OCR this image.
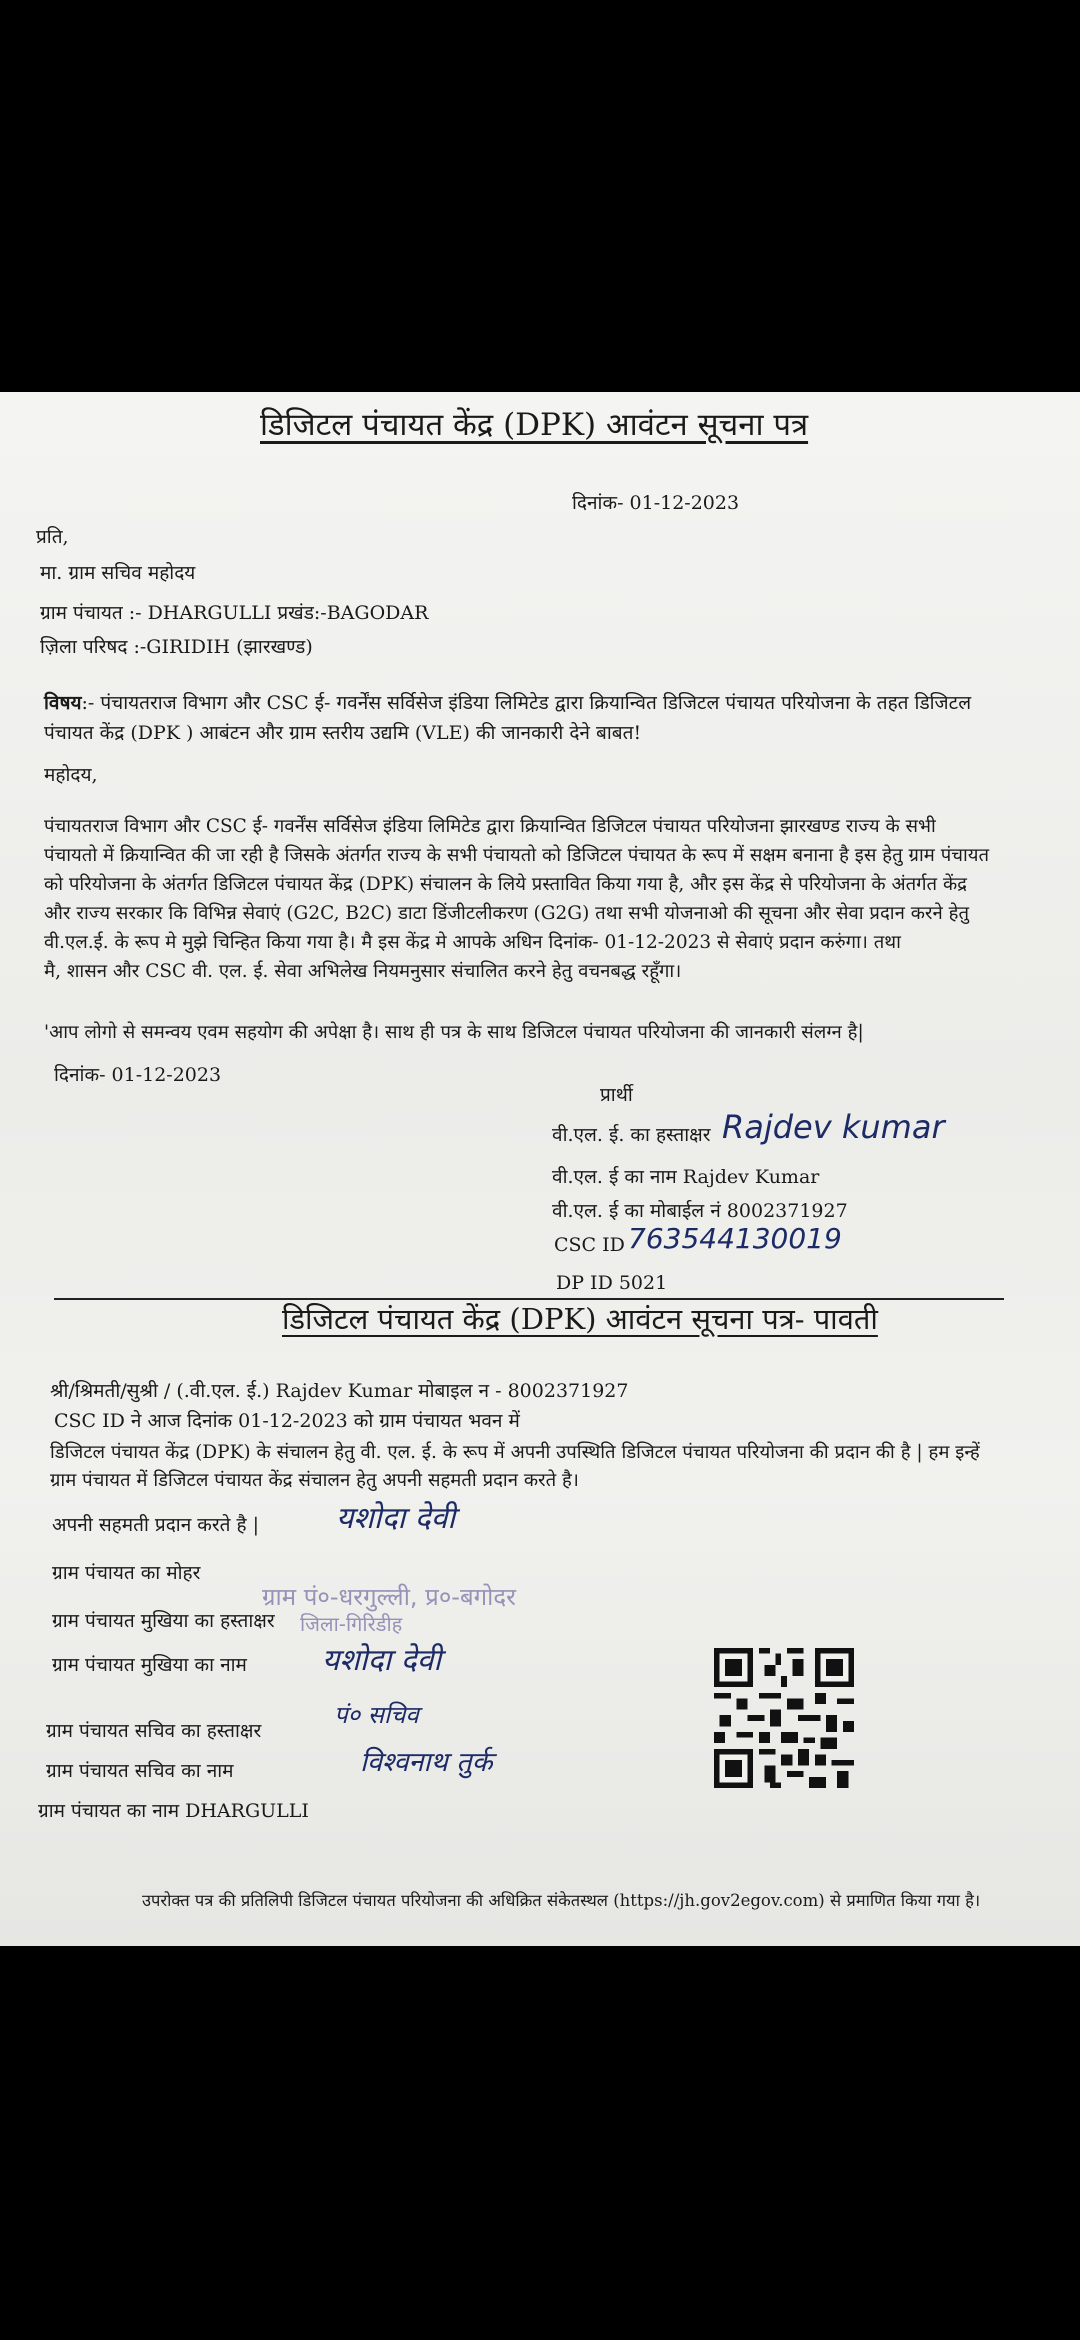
डिजिटल पंचायत केंद्र (DPK) आवंटन सूचना पत्र
दिनांक- 01-12-2023
प्रति,
मा. ग्राम सचिव महोदय
ग्राम पंचायत :- DHARGULLI प्रखंड:-BAGODAR
ज़िला परिषद :-GIRIDIH (झारखण्ड)
विषय:- पंचायतराज विभाग और CSC ई- गवर्नेंस सर्विसेज इंडिया लिमिटेड द्वारा क्रियान्वित डिजिटल पंचायत परियोजना के तहत डिजिटल
पंचायत केंद्र (DPK ) आबंटन और ग्राम स्तरीय उद्यमि (VLE) की जानकारी देने बाबत!
महोदय,
पंचायतराज विभाग और CSC ई- गवर्नेंस सर्विसेज इंडिया लिमिटेड द्वारा क्रियान्वित डिजिटल पंचायत परियोजना झारखण्ड राज्य के सभी
पंचायतो में क्रियान्वित की जा रही है जिसके अंतर्गत राज्य के सभी पंचायतो को डिजिटल पंचायत के रूप में सक्षम बनाना है इस हेतु ग्राम पंचायत
को परियोजना के अंतर्गत डिजिटल पंचायत केंद्र (DPK) संचालन के लिये प्रस्तावित किया गया है, और इस केंद्र से परियोजना के अंतर्गत केंद्र
और राज्य सरकार कि विभिन्न सेवाएं (G2C, B2C) डाटा डिंजीटलीकरण (G2G) तथा सभी योजनाओ की सूचना और सेवा प्रदान करने हेतु
वी.एल.ई. के रूप मे मुझे चिन्हित किया गया है। मै इस केंद्र मे आपके अधिन दिनांक- 01-12-2023 से सेवाएं प्रदान करुंगा। तथा
मै, शासन और CSC वी. एल. ई. सेवा अभिलेख नियमनुसार संचालित करने हेतु वचनबद्ध रहूँगा।
'आप लोगो से समन्वय एवम सहयोग की अपेक्षा है। साथ ही पत्र के साथ डिजिटल पंचायत परियोजना की जानकारी संलग्न है|
दिनांक- 01-12-2023
प्रार्थी
वी.एल. ई. का हस्ताक्षर Rajdev kumar
वी.एल. ई का नाम Rajdev Kumar
वी.एल. ई का मोबाईल नं 8002371927
CSC ID 763544130019
DP ID 5021
डिजिटल पंचायत केंद्र (DPK) आवंटन सूचना पत्र- पावती
श्री/श्रिमती/सुश्री / (.वी.एल. ई.) Rajdev Kumar मोबाइल न - 8002371927
CSC ID ने आज दिनांक 01-12-2023 को ग्राम पंचायत भवन में
डिजिटल पंचायत केंद्र (DPK) के संचालन हेतु वी. एल. ई. के रूप में अपनी उपस्थिति डिजिटल पंचायत परियोजना की प्रदान की है | हम इन्हें
ग्राम पंचायत में डिजिटल पंचायत केंद्र संचालन हेतु अपनी सहमती प्रदान करते है।
अपनी सहमती प्रदान करते है |	यशोदा देवी
ग्राम पंचायत का मोहर
ग्राम पं०-धरगुल्ली, प्र०-बगोदर
जिला-गिरिडीह
ग्राम पंचायत मुखिया का हस्ताक्षर
ग्राम पंचायत मुखिया का नाम	यशोदा देवी
ग्राम पंचायत सचिव का हस्ताक्षर
पं० सचिव
ग्राम पंचायत सचिव का नाम	विश्वनाथ तुर्क
ग्राम पंचायत का नाम DHARGULLI
उपरोक्त पत्र की प्रतिलिपी डिजिटल पंचायत परियोजना की अधिक्रित संकेतस्थल (https://jh.gov2egov.com) से प्रमाणित किया गया है।
